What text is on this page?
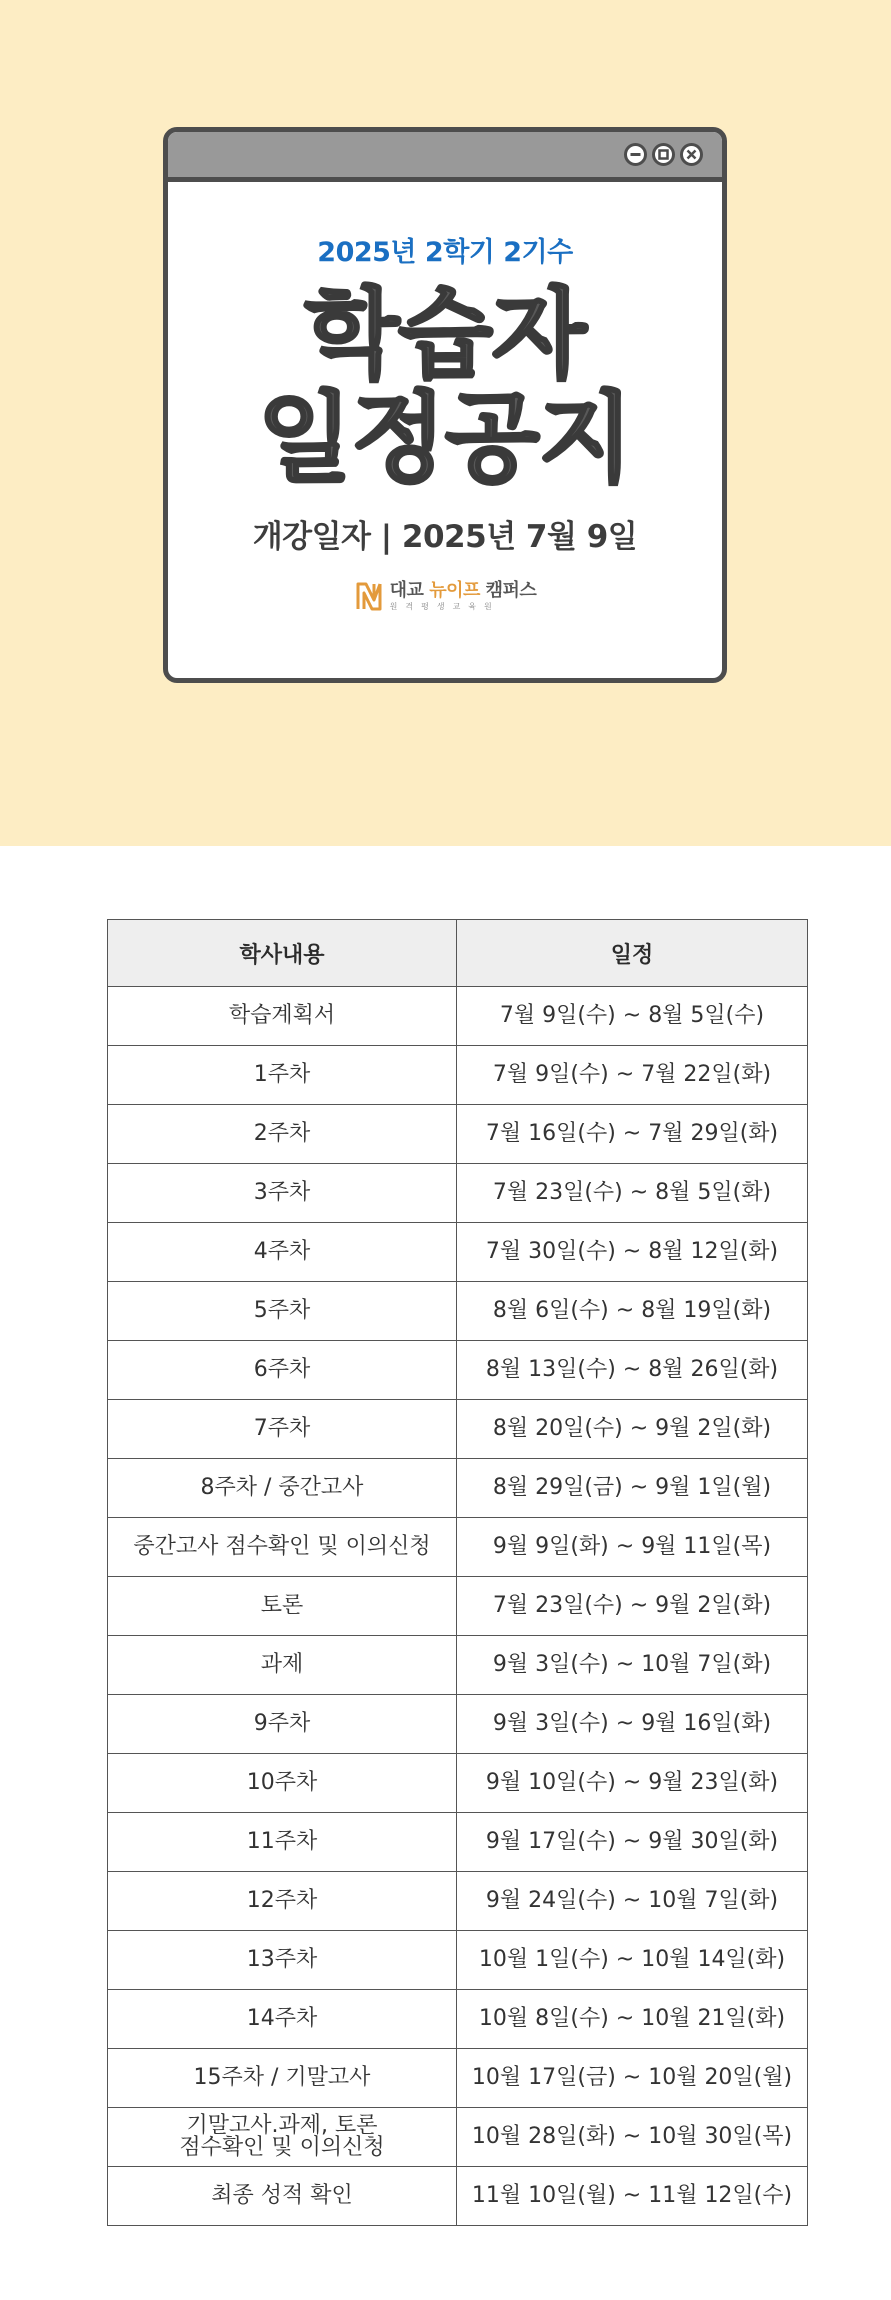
2025년 2학기 2기수
학습자
일정공지
개강일자 | 2025년 7월 9일
대교 뉴이프 캠퍼스
원격평생교육원
학사내용	일정
학습계획서	7월 9일(수) ~ 8월 5일(수)
1주차	7월 9일(수) ~ 7월 22일(화)
2주차	7월 16일(수) ~ 7월 29일(화)
3주차	7월 23일(수) ~ 8월 5일(화)
4주차	7월 30일(수) ~ 8월 12일(화)
5주차	8월 6일(수) ~ 8월 19일(화)
6주차	8월 13일(수) ~ 8월 26일(화)
7주차	8월 20일(수) ~ 9월 2일(화)
8주차 / 중간고사	8월 29일(금) ~ 9월 1일(월)
중간고사 점수확인 및 이의신청	9월 9일(화) ~ 9월 11일(목)
토론	7월 23일(수) ~ 9월 2일(화)
과제	9월 3일(수) ~ 10월 7일(화)
9주차	9월 3일(수) ~ 9월 16일(화)
10주차	9월 10일(수) ~ 9월 23일(화)
11주차	9월 17일(수) ~ 9월 30일(화)
12주차	9월 24일(수) ~ 10월 7일(화)
13주차	10월 1일(수) ~ 10월 14일(화)
14주차	10월 8일(수) ~ 10월 21일(화)
15주차 / 기말고사	10월 17일(금) ~ 10월 20일(월)

기말고사.과제, 토론
점수확인 및 이의신청	10월 28일(화) ~ 10월 30일(목)
최종 성적 확인	11월 10일(월) ~ 11월 12일(수)
